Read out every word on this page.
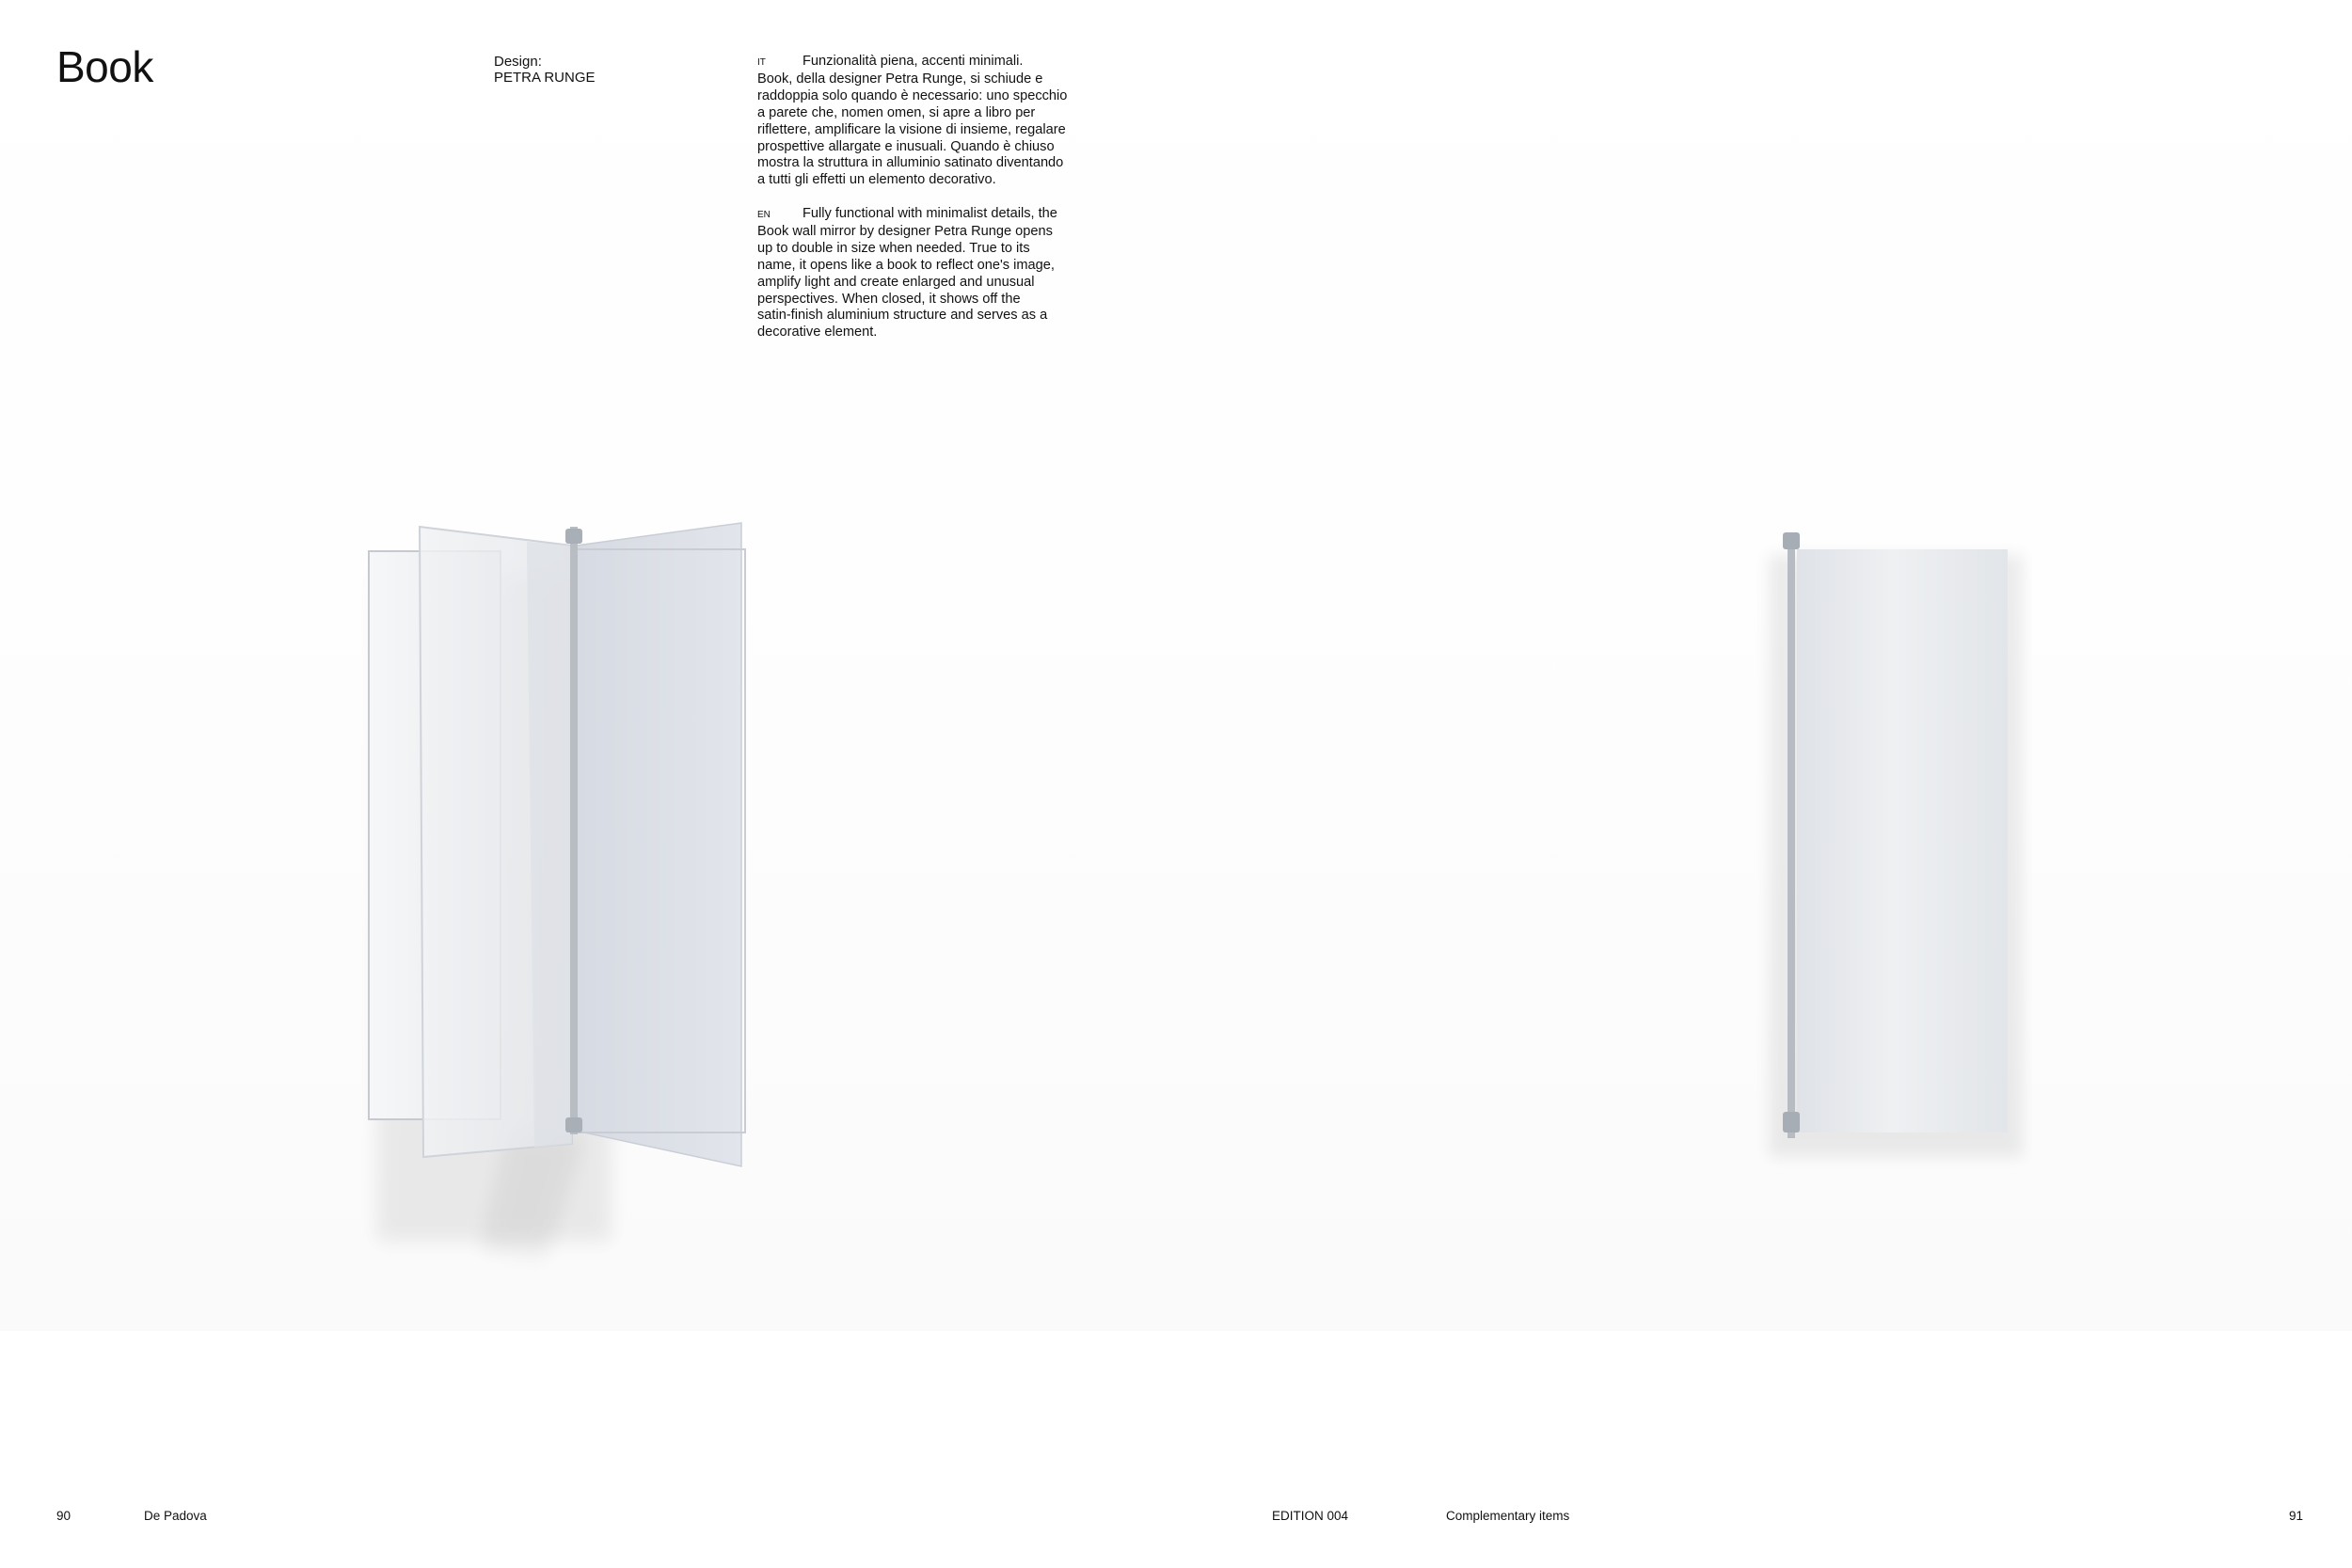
Book	Design:
PETRA RUNGE
IT	Funzionalità piena, accenti minimali.
Book, della designer Petra Runge, si schiude e
raddoppia solo quando è necessario: uno specchio
a parete che, nomen omen, si apre a libro per
riflettere, amplificare la visione di insieme, regalare
prospettive allargate e inusuali. Quando è chiuso
mostra la struttura in alluminio satinato diventando
a tutti gli effetti un elemento decorativo.
EN Fully functional with minimalist details, the
Book wall mirror by designer Petra Runge opens
up to double in size when needed. True to its
name, it opens like a book to reflect one's image,
amplify light and create enlarged and unusual
perspectives. When closed, it shows off the
satin-finish aluminium structure and serves as a
decorative element.
90	De Padova	EDITION 004	Complementary items	91
